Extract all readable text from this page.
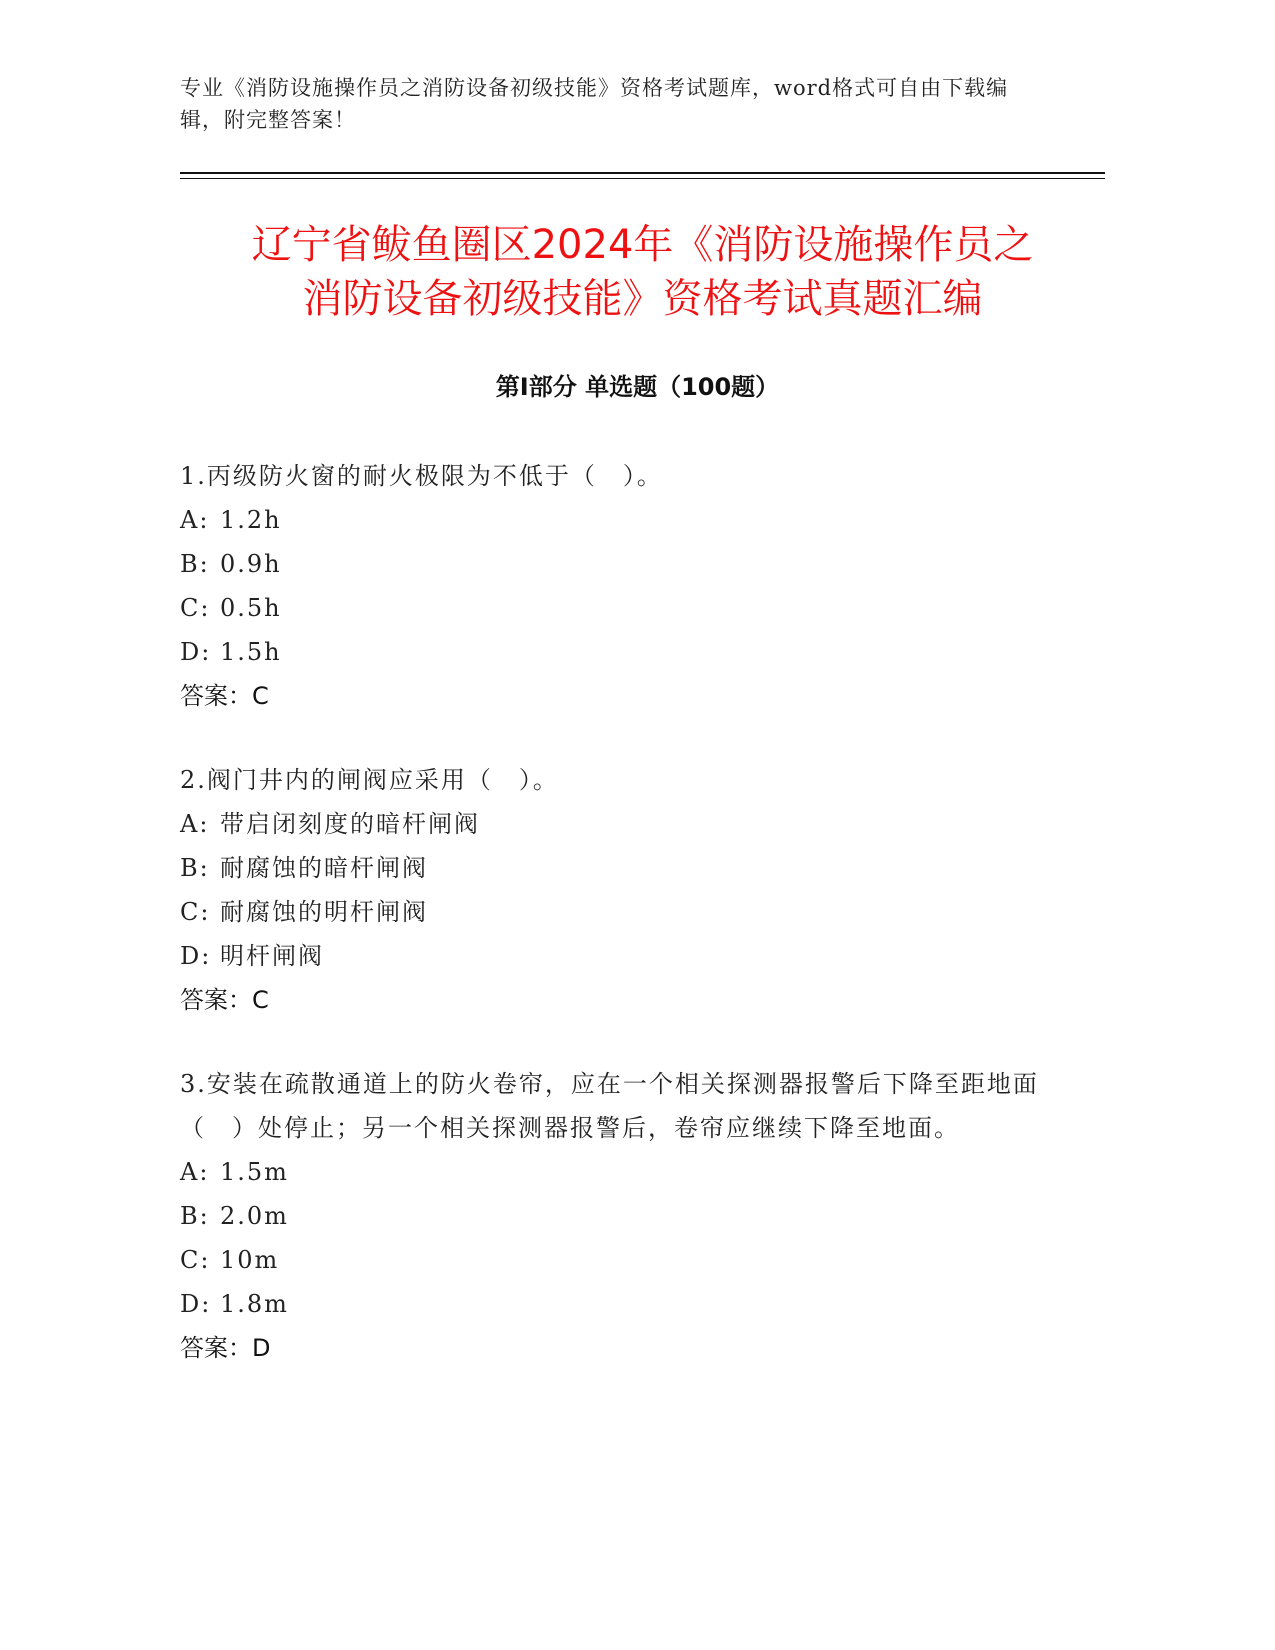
专业《消防设施操作员之消防设备初级技能》资格考试题库，word格式可自由下载编辑，附完整答案！
辽宁省鲅鱼圈区2024年《消防设施操作员之
消防设备初级技能》资格考试真题汇编
第Ⅰ部分 单选题（100题）

1.丙级防火窗的耐火极限为不低于（　）。

A: 1.2h

B: 0.9h

C: 0.5h

D: 1.5h

答案：C

2.阀门井内的闸阀应采用（　）。

A: 带启闭刻度的暗杆闸阀

B: 耐腐蚀的暗杆闸阀

C: 耐腐蚀的明杆闸阀

D: 明杆闸阀

答案：C

3.安装在疏散通道上的防火卷帘，应在一个相关探测器报警后下降至距地面（　）处停止；另一个相关探测器报警后，卷帘应继续下降至地面。

A: 1.5m

B: 2.0m

C: 10m

D: 1.8m

答案：D
